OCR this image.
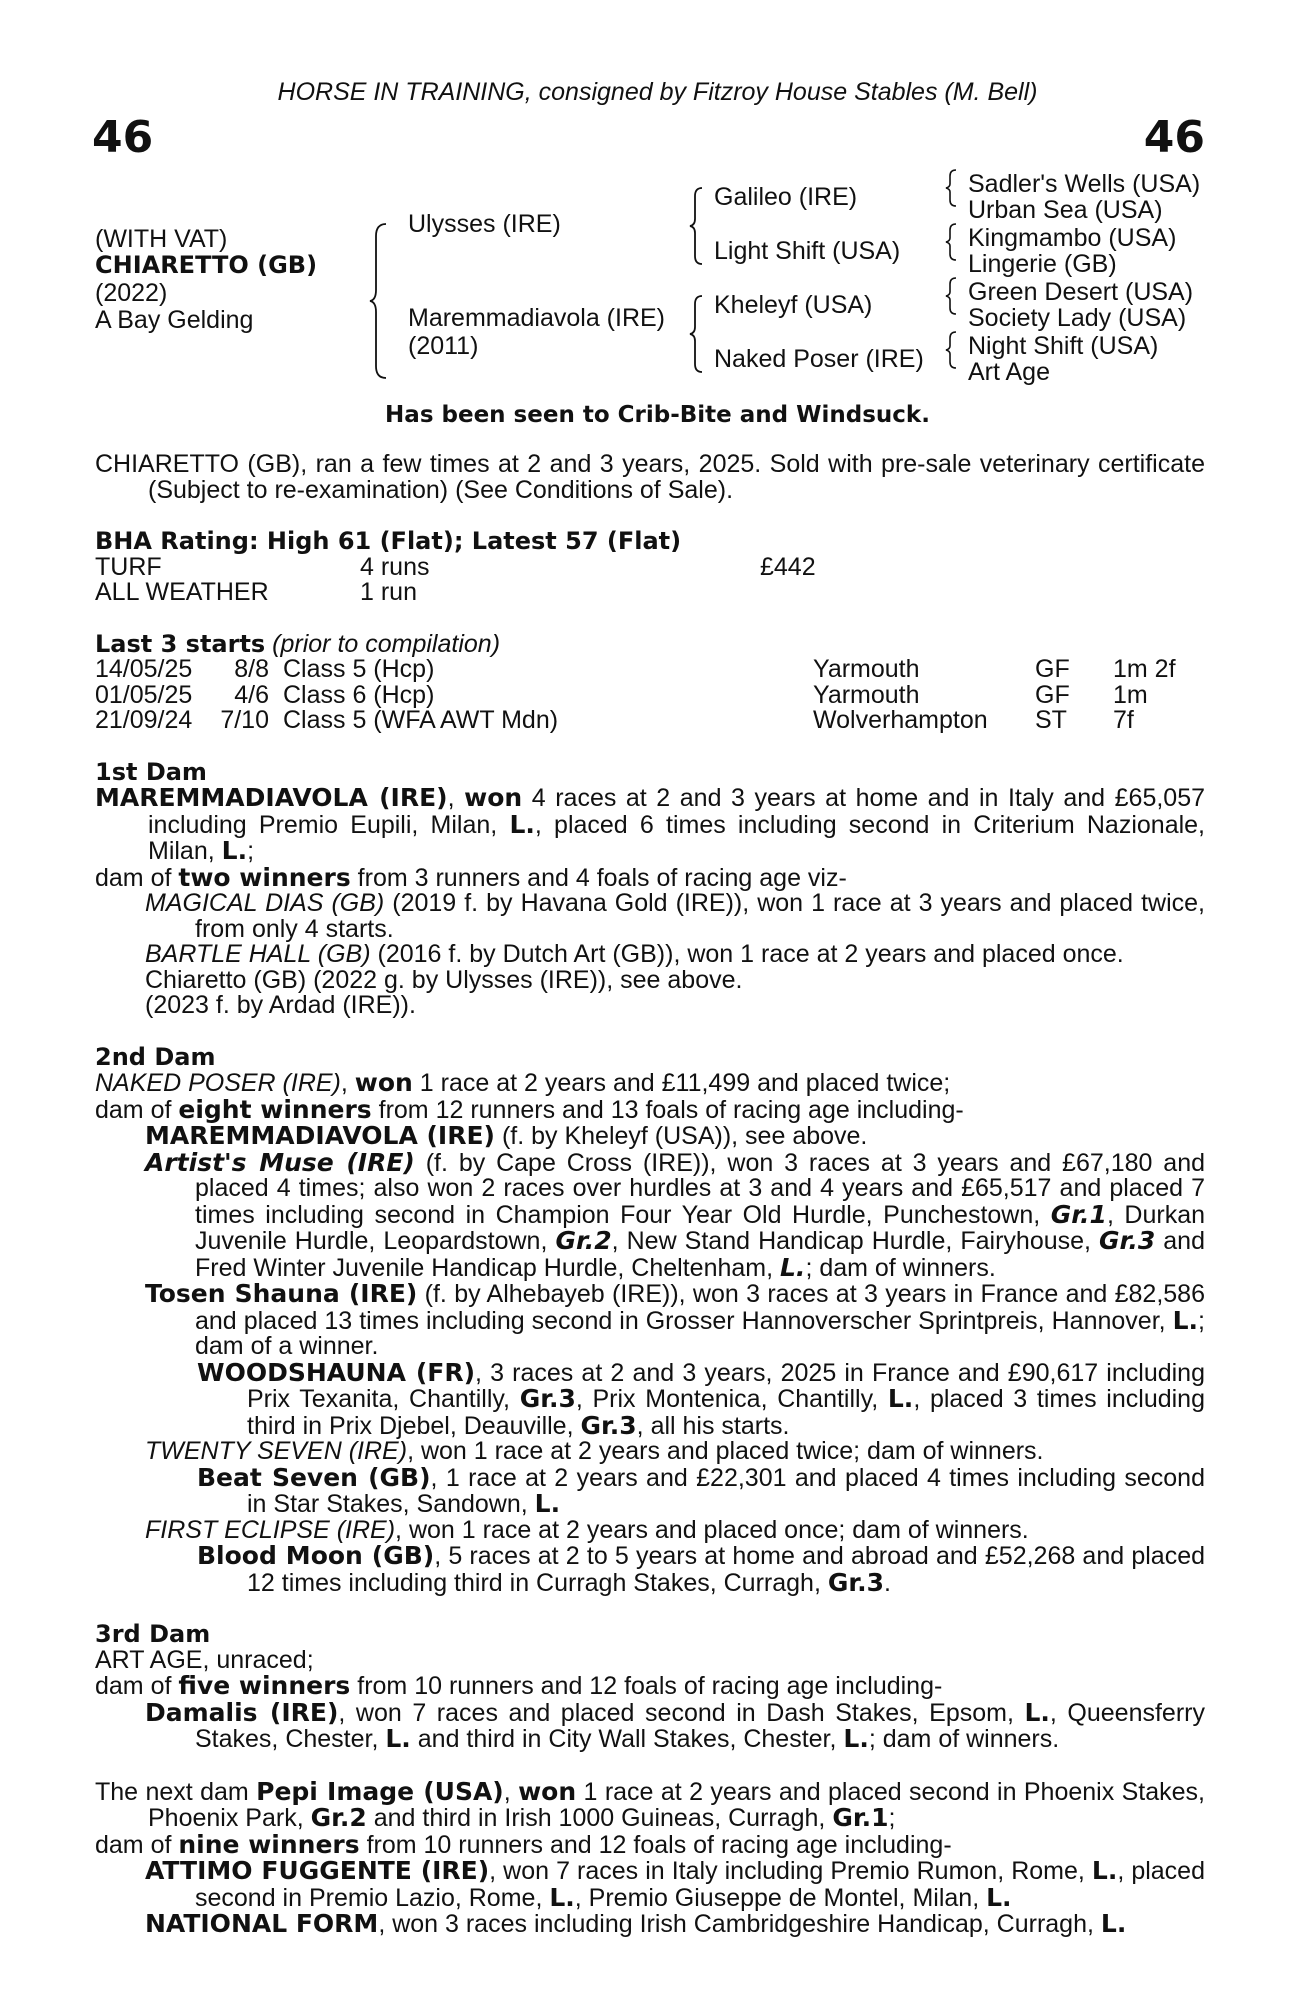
HORSE IN TRAINING, consigned by Fitzroy House Stables (M. Bell)
46	46
(WITH VAT)
CHIARETTO (GB)
(2022)
A Bay Gelding
Ulysses (IRE)
Maremmadiavola (IRE)
(2011)
Galileo (IRE)
Light Shift (USA)
Kheleyf (USA)
Naked Poser (IRE)
Sadler's Wells (USA)
Urban Sea (USA)
Kingmambo (USA)
Lingerie (GB)
Green Desert (USA)
Society Lady (USA)
Night Shift (USA)
Art Age
Has been seen to Crib-Bite and Windsuck.

CHIARETTO (GB), ran a few times at 2 and 3 years, 2025. Sold with pre-sale veterinary certificate (Subject to re-examination) (See Conditions of Sale).

BHA Rating: High 61 (Flat); Latest 57 (Flat)
TURF	4 runs	£442
ALL WEATHER	1 run	
Last 3 starts (prior to compilation)
14/05/25	8/8	Class 5 (Hcp)	Yarmouth	GF	1m 2f
01/05/25	4/6	Class 6 (Hcp)	Yarmouth	GF	1m
21/09/24	7/10	Class 5 (WFA AWT Mdn)	Wolverhampton	ST	7f
1st Dam

MAREMMADIAVOLA (IRE), won 4 races at 2 and 3 years at home and in Italy and £65,057 including Premio Eupili, Milan, L., placed 6 times including second in Criterium Nazionale, Milan, L.;

dam of two winners from 3 runners and 4 foals of racing age viz-

MAGICAL DIAS (GB) (2019 f. by Havana Gold (IRE)), won 1 race at 3 years and placed twice, from only 4 starts.

BARTLE HALL (GB) (2016 f. by Dutch Art (GB)), won 1 race at 2 years and placed once.

Chiaretto (GB) (2022 g. by Ulysses (IRE)), see above.

(2023 f. by Ardad (IRE)).

2nd Dam

NAKED POSER (IRE), won 1 race at 2 years and £11,499 and placed twice;

dam of eight winners from 12 runners and 13 foals of racing age including-

MAREMMADIAVOLA (IRE) (f. by Kheleyf (USA)), see above.

Artist's Muse (IRE) (f. by Cape Cross (IRE)), won 3 races at 3 years and £67,180 and placed 4 times; also won 2 races over hurdles at 3 and 4 years and £65,517 and placed 7 times including second in Champion Four Year Old Hurdle, Punchestown, Gr.1, Durkan Juvenile Hurdle, Leopardstown, Gr.2, New Stand Handicap Hurdle, Fairyhouse, Gr.3 and Fred Winter Juvenile Handicap Hurdle, Cheltenham, L.; dam of winners.

Tosen Shauna (IRE) (f. by Alhebayeb (IRE)), won 3 races at 3 years in France and £82,586 and placed 13 times including second in Grosser Hannoverscher Sprintpreis, Hannover, L.; dam of a winner.

WOODSHAUNA (FR), 3 races at 2 and 3 years, 2025 in France and £90,617 including Prix Texanita, Chantilly, Gr.3, Prix Montenica, Chantilly, L., placed 3 times including third in Prix Djebel, Deauville, Gr.3, all his starts.

TWENTY SEVEN (IRE), won 1 race at 2 years and placed twice; dam of winners.

Beat Seven (GB), 1 race at 2 years and £22,301 and placed 4 times including second in Star Stakes, Sandown, L.

FIRST ECLIPSE (IRE), won 1 race at 2 years and placed once; dam of winners.

Blood Moon (GB), 5 races at 2 to 5 years at home and abroad and £52,268 and placed 12 times including third in Curragh Stakes, Curragh, Gr.3.

3rd Dam

ART AGE, unraced;

dam of five winners from 10 runners and 12 foals of racing age including-

Damalis (IRE), won 7 races and placed second in Dash Stakes, Epsom, L., Queensferry Stakes, Chester, L. and third in City Wall Stakes, Chester, L.; dam of winners.

The next dam Pepi Image (USA), won 1 race at 2 years and placed second in Phoenix Stakes, Phoenix Park, Gr.2 and third in Irish 1000 Guineas, Curragh, Gr.1;

dam of nine winners from 10 runners and 12 foals of racing age including-

ATTIMO FUGGENTE (IRE), won 7 races in Italy including Premio Rumon, Rome, L., placed second in Premio Lazio, Rome, L., Premio Giuseppe de Montel, Milan, L.

NATIONAL FORM, won 3 races including Irish Cambridgeshire Handicap, Curragh, L.
